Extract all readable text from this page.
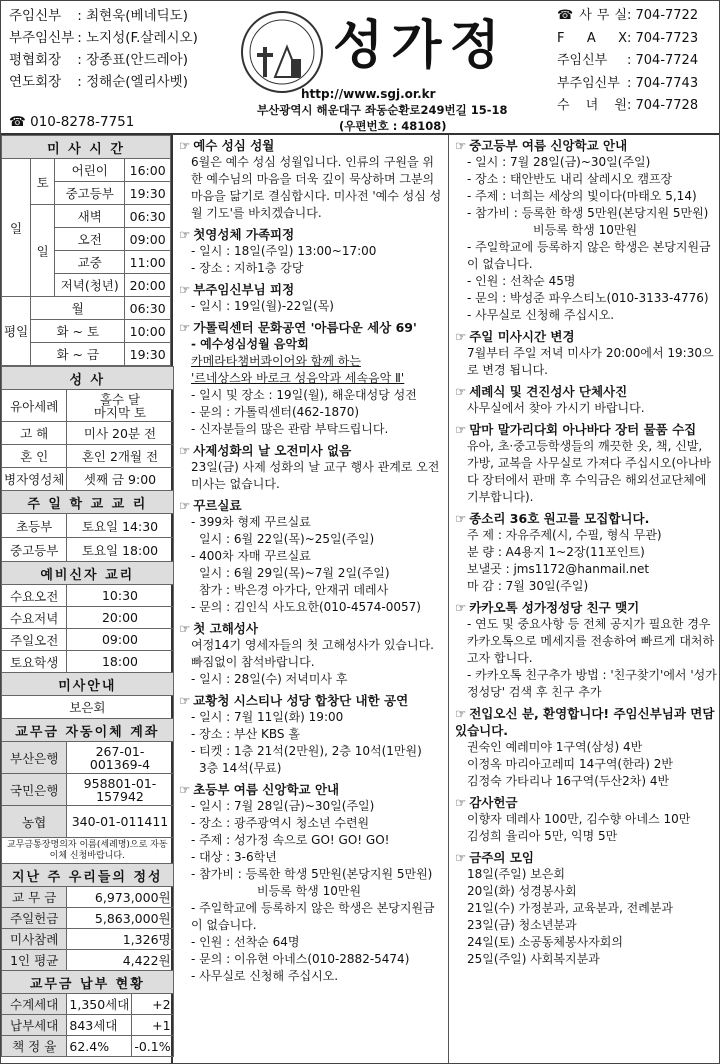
☎ 010-8278-7751
성가정
http://www.sgj.or.kr
부산광역시 해운대구 좌동순환로249번길 15-18
(우편번호 : 48108)
주임신부 : 최현욱(베네딕도)
부주임신부 : 노지성(F.살레시오)
평협회장 : 장종표(안드레아)
연도회장 : 정해순(엘리사벳)
☎ 사 무 실: 704-7722
F A X: 704-7723
주임신부 : 704-7724
부주임신부 : 704-7743
수 녀 원: 704-7728
미 사 시 간			
일	토	어린이	16:00
		중고등부	19:30
	일	새벽	06:30
		오전	09:00
		교중	11:00
		저녁(청년)	20:00
평일	월		06:30
	화 ~ 토		10:00
	화 ~ 금		19:30
성 사		
유아세례	홀수 달
마지막 토	
고 해	미사 20분 전	
혼 인	혼인 2개월 전	
병자영성체	셋째 금 9:00	
주 일 학 교 교 리		
초등부	토요일 14:30	
중고등부	토요일 18:00	
예비신자 교리		
수요오전	10:30	
수요저녁	20:00	
주일오전	09:00	
토요학생	18:00	
미사안내		
보은회		
교무금 자동이체 계좌		
부산은행	267-01-
001369-4	
국민은행	958801-01-
157942	
농협	340-01-011411	
교무금통장명의자 이름(세례명)으로 자동이체 신청바랍니다.		
지난 주 우리들의 정성		
교 무 금	6,973,000원	
주일헌금	5,863,000원	
미사참례	1,326명	
1인 평균	4,422원	
교무금 납부 현황		
수계세대	1,350세대	+2
납부세대	843세대	+1
책 정 율	62.4%	-0.1%
☞ 예수 성심 성월
6월은 예수 성심 성월입니다. 인류의 구원을 위한 예수님의 마음을 더욱 깊이 묵상하며 그분의 마음을 닮기로 결심합시다. 미사전 '예수 성심 성월 기도'를 바치겠습니다.
☞ 첫영성체 가족피정
- 일시 : 18일(주일) 13:00~17:00
- 장소 : 지하1층 강당
☞ 부주임신부님 피정
- 일시 : 19일(월)-22일(목)
☞ 가톨릭센터 문화공연 '아름다운 세상 69'
- 예수성심성월 음악회
카메라타챔버콰이어와 함께 하는
'르네상스와 바로크 성음악과 세속음악 Ⅱ'
- 일시 및 장소 : 19일(월), 해운대성당 성전
- 문의 : 가톨릭센터(462-1870)
- 신자분들의 많은 관람 부탁드립니다.
☞ 사제성화의 날 오전미사 없음
23일(금) 사제 성화의 날 교구 행사 관계로 오전미사는 없습니다.
☞ 꾸르실료
- 399차 형제 꾸르실료
일시 : 6월 22일(목)~25일(주일)
- 400차 자매 꾸르실료
일시 : 6월 29일(목)~7월 2일(주일)
참가 : 박은경 아가다, 안재귀 데레사
- 문의 : 김인식 사도요한(010-4574-0057)
☞ 첫 고해성사
여정14기 영세자들의 첫 고해성사가 있습니다. 빠짐없이 참석바랍니다.
- 일시 : 28일(수) 저녁미사 후
☞ 교황청 시스티나 성당 합창단 내한 공연
- 일시 : 7월 11일(화) 19:00
- 장소 : 부산 KBS 홀
- 티켓 : 1층 21석(2만원), 2층 10석(1만원)
3층 14석(무료)
☞ 초등부 여름 신앙학교 안내
- 일시 : 7월 28일(금)~30일(주일)
- 장소 : 광주광역시 청소년 수련원
- 주제 : 성가정 속으로 GO! GO! GO!
- 대상 : 3-6학년
- 참가비 : 등록한 학생 5만원(본당지원 5만원)
비등록 학생 10만원
- 주일학교에 등록하지 않은 학생은 본당지원금이 없습니다.
- 인원 : 선착순 64명
- 문의 : 이유현 아네스(010-2882-5474)
- 사무실로 신청해 주십시오.
☞ 중고등부 여름 신앙학교 안내
- 일시 : 7월 28일(금)~30일(주일)
- 장소 : 태안반도 내리 살레시오 캠프장
- 주제 : 너희는 세상의 빛이다(마태오 5,14)
- 참가비 : 등록한 학생 5만원(본당지원 5만원)
비등록 학생 10만원
- 주일학교에 등록하지 않은 학생은 본당지원금이 없습니다.
- 인원 : 선착순 45명
- 문의 : 박성준 파우스티노(010-3133-4776)
- 사무실로 신청해 주십시오.
☞ 주일 미사시간 변경
7월부터 주일 저녁 미사가 20:00에서 19:30으로 변경 됩니다.
☞ 세례식 및 견진성사 단체사진
사무실에서 찾아 가시기 바랍니다.
☞ 맘마 말가리다회 아나바다 장터 물품 수집
유아, 초·중고등학생들의 깨끗한 옷, 책, 신발, 가방, 교복을 사무실로 가져다 주십시오(아나바다 장터에서 판매 후 수익금은 해외선교단체에 기부합니다).
☞ 종소리 36호 원고를 모집합니다.
주 제 : 자유주제(시, 수필, 형식 무관)
분 량 : A4용지 1~2장(11포인트)
보낼곳 : jms1172@hanmail.net
마 감 : 7월 30일(주일)
☞ 카카오톡 성가정성당 친구 맺기
- 연도 및 중요사항 등 전체 공지가 필요한 경우 카카오톡으로 메세지를 전송하여 빠르게 대처하고자 합니다.
- 카카오톡 친구추가 방법 : '친구찾기'에서 '성가정성당' 검색 후 친구 추가
☞ 전입오신 분, 환영합니다! 주임신부님과 면담 있습니다.
권숙인 예레미야 1구역(삼성) 4반
이정옥 마리아고레띠 14구역(한라) 2반
김정숙 가타리나 16구역(두산2차) 4반
☞ 감사헌금
이향자 데레사 100만, 김수향 아네스 10만
김성희 율리아 5만, 익명 5만
☞ 금주의 모임
18일(주일) 보은회
20일(화) 성경봉사회
21일(수) 가정분과, 교육분과, 전례분과
23일(금) 청소년분과
24일(토) 소공동체봉사자회의
25일(주일) 사회복지분과
